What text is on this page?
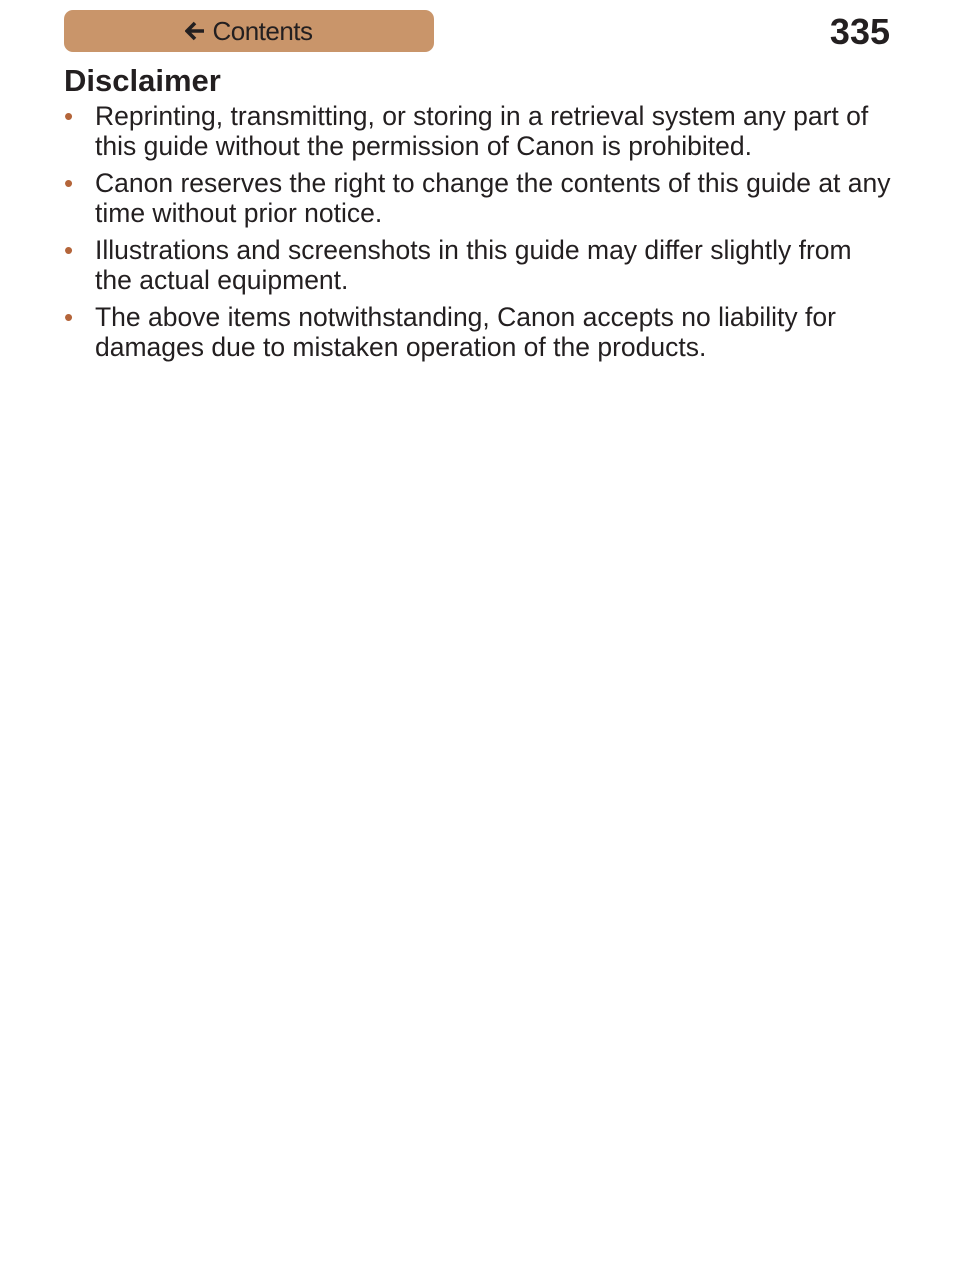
Contents	335
Disclaimer
• Reprinting, transmitting, or storing in a retrieval system any part of this guide without the permission of Canon is prohibited.
• Canon reserves the right to change the contents of this guide at any time without prior notice.
• Illustrations and screenshots in this guide may differ slightly from the actual equipment.
• The above items notwithstanding, Canon accepts no liability for damages due to mistaken operation of the products.
